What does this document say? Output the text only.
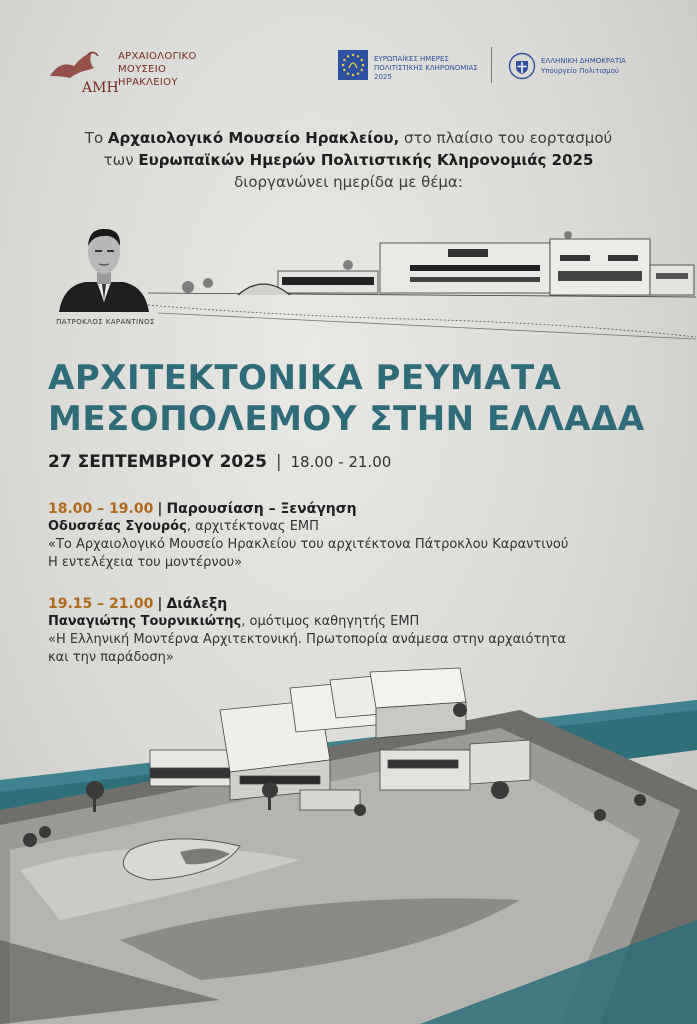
ΑΜΗ
ΑΡΧΑΙΟΛΟΓΙΚΟ
ΜΟΥΣΕΙΟ
ΗΡΑΚΛΕΙΟΥ
ΕΥΡΩΠΑΪΚΕΣ ΗΜΕΡΕΣ
ΠΟΛΙΤΙΣΤΙΚΗΣ ΚΛΗΡΟΝΟΜΙΑΣ
2025
ΕΛΛΗΝΙΚΗ ΔΗΜΟΚΡΑΤΙΑ
Υπουργείο Πολιτισμού
Το Αρχαιολογικό Μουσείο Ηρακλείου, στο πλαίσιο του εορτασμού
των Ευρωπαϊκών Ημερών Πολιτιστικής Κληρονομιάς 2025
διοργανώνει ημερίδα με θέμα:
ΠΑΤΡΟΚΛΟΣ ΚΑΡΑΝΤΙΝΟΣ
ΑΡΧΙΤΕΚΤΟΝΙΚΑ ΡΕΥΜΑΤΑ
ΜΕΣΟΠΟΛΕΜΟΥ ΣΤΗΝ ΕΛΛΑΔΑ
27 ΣΕΠΤΕΜΒΡΙΟΥ 2025 | 18.00 - 21.00
18.00 – 19.00 | Παρουσίαση – Ξενάγηση
Οδυσσέας Σγουρός, αρχιτέκτονας ΕΜΠ
«Το Αρχαιολογικό Μουσείο Ηρακλείου του αρχιτέκτονα Πάτροκλου Καραντινού
Η εντελέχεια του μοντέρνου»
19.15 – 21.00 | Διάλεξη
Παναγιώτης Τουρνικιώτης, ομότιμος καθηγητής ΕΜΠ
«Η Ελληνική Μοντέρνα Αρχιτεκτονική. Πρωτοπορία ανάμεσα στην αρχαιότητα
και την παράδοση»
